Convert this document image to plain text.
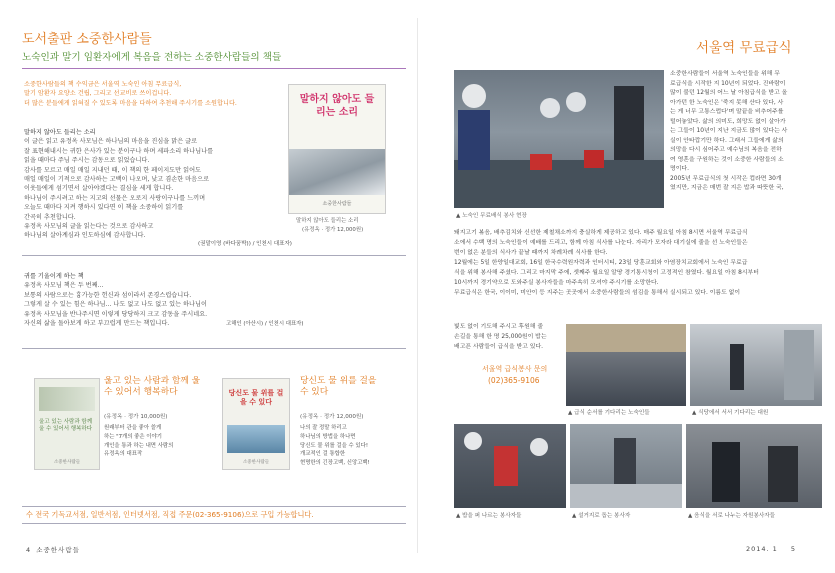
도서출판 소중한사람들
노숙인과 말기 임환자에게 복음을 전하는 소중한사람들의 책들
소중한사람들의 책 수익금은 서울역 노숙인 아침 무료급식,
말기 암환자 요양소 건립, 그리고 선교비로 쓰이겁니다.
더 많은 분들에게 읽혀질 수 있도록 마음을 다하여 추천해 주시기를 소원합니다.
말하지 않아도 들리는 소리
이 글은 읽고 유정옥 사모님은 하나님의 마음을 진심을 맑은 글로
잘 표현해내시는 귀한 은사가 있는 분이구나 하며 세파소리 하나님나를
읽을 때마다 주님 주시는 감동으로 읽었습니다.
감사를 모르고 매일 매일 지내던 때, 이 책의 한 페이지도만 읽어도
매일 매일이 기적으로 감사하는 고백이 나오며, 낮고 겸손한 마음으로
이웃들에게 섬기면서 살아야겠다는 결심을 세게 합니다.
하나님이 주시려고 하는 지고의 선물은 오로지 사랑이구나를 느끼며
오늘도 때마다 지켜 행하시 있다면 이 책을 소중하이 읽기를
간곡히 추천합니다.
유정옥 사모님의 글을 읽는다는 것으로 감사하고
하나님의 살아계심과 인도하심에 감사합니다.
(권말이영 (바다꿈박)) / 인천시 대표자)
말하지 않아도 들리는 소리
소중한사람들
말하지 않아도 들리는 소리
(유정옥 · 정가 12,000원)
귀를 기울이게 하는 책
유정옥 사모님 책은 두 번째...
보통의 사람으로는 흉가능한 헌신과 섬이라서 존경스럽습니다.
그렇게 살 수 있는 힘은 하나님... 나도 없고 나도 없고 있는 하나님이
유정옥 사모님을 반나주시면 이렇게 당당하지 크고 감동을 주시네요.
자신의 삶을 돌아보게 하고 부끄럽게 만드는 책입니다.	고해인 (아산시) / 인천시 대표자)
울고 있는 사람과 함께 울 수 있어서 행복하다
소중한사람들
울고 있는 사람과 함께 울 수 있어서 행복하다
(유정옥 · 정가 10,000원)
원래부터 관을 좋아 쓸게
하는 "7개의 좋은 이야기
개인을 통과 하는 내면 사람의
유정옥의 대표작
당신도 물 위를 걸을 수 있다
소중한사람들
당신도 물 위를 걸을 수 있다
(유정옥 · 정가 12,000원)
나의 잘 정말 하리고
하나님의 방법을 하나면
당신도 물 위를 걸을 수 있다!
개교적인 걸 통합한
현명한의 긴장고백, 신앙고백!
수 전국 기독교서점, 일반서점, 인터넷서점, 직접 주문(02-365-9106)으로 구입 가능합니다.
4 소중한사람들
서울역 무료급식
▲ 노숙인 무료배식 봉사 현장
소중한사람들이 서울역 노숙인들을 위해 무
료급식을 시작한 지 10년이 되었다. 진바람이
많이 불던 12월의 어느 날 아침급식을 받고 올
아가던 한 노숙인은 '죽지 못해 산다 있다, 사
는 게 너무 고통스럽다'며 말끝을 비추어주를
털어놓았다. 삶의 의미도, 희망도 없이 살아가
는 그들이 10년이 지난 지금도 많이 있다는 사
실이 안타깝기만 하다. 그래서 그들에게 삶의
의망을 다시 심어주고 예수님의 복음을 전하
여 영혼을 구원하는 것이 소중한 사람들의 소
명이다.
2005년 무료급식의 첫 시작은 컵라면 30개
였지만, 지금은 매번 잘 지은 밥과 따뜻한 국,
돼지고기 볶음, 배추김치와 신선한 제철채소까지 충실하게 제공하고 있다. 매주 월요일 아침 8시면 서울역 무료급식
소에서 수백 명의 노숙인들이 예배를 드리고, 함께 아침 식사를 나눈다. 자리가 모자라 대기실에 줄을 선 노숙인들은
번이 없은 분들의 식사가 끝날 때까지 차례차례 식사를 한다.
12월에는 5일 한양일대교회, 16일 한국수력원자력과 인터시티, 23일 당훈교회와 아염장치교회에서 노숙인 무료급
식을 위해 봉사해 주셨다. 그리고 마지막 주에, 셋째주 월요일 알땅 경기통시청이 고정적인 참였다. 월요일 아침 8시부터
10시까지 경기약으로 도와주실 봉사자들을 마주속히 모셔야 주시기를 소망한다.
무료급식은 한국, 이이미, 미안이 등 지주는 곳곳에서 소중한사람들의 섬김을 통해서 실시되고 있다. 이름도 없이
빛도 없이 기도해 주시고 후원해 줄
손길을 통해 한 명 25,000원이 밥는
배고픈 사람들이 급식을 받고 있다.
서울역 급식봉사 문의
(02)365-9106
▲ 급식 순서를 기다리는 노숙인들	▲ 식당에서 서서 기다리는 대원
▲ 밥을 퍼 나르는 봉사자들	▲ 설거지로 돕는 봉사자	▲ 음식을 서로 나누는 자원봉사자들
2014. 1 5
